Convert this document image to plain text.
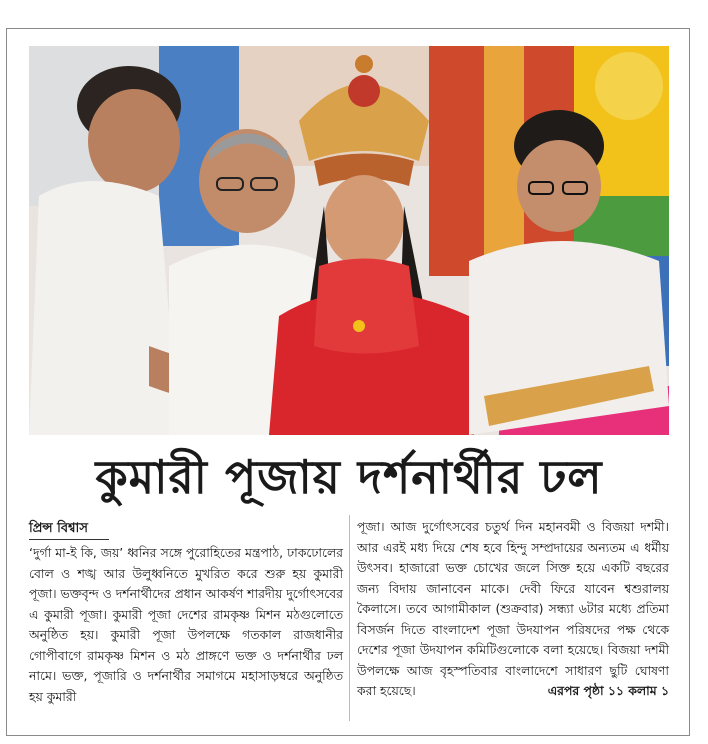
কুমারী পূজায় দর্শনার্থীর ঢল
প্রিন্স বিশ্বাস

‘দুর্গা মা-ই কি, জয়’ ধ্বনির সঙ্গে পুরোহিতের মন্ত্রপাঠ, ঢাকঢোলের বোল ও শঙ্খ আর উলুধ্বনিতে মুখরিত করে শুরু হয় কুমারী পূজা। ভক্তবৃন্দ ও দর্শনার্থীদের প্রধান আকর্ষণ শারদীয় দুর্গোৎসবের এ কুমারী পূজা। কুমারী পূজা দেশের রামকৃষ্ণ মিশন মঠগুলোতে অনুষ্ঠিত হয়। কুমারী পূজা উপলক্ষে গতকাল রাজধানীর গোপীবাগে রামকৃষ্ণ মিশন ও মঠ প্রাঙ্গণে ভক্ত ও দর্শনার্থীর ঢল নামে। ভক্ত, পূজারি ও দর্শনার্থীর সমাগমে মহাসাড়ম্বরে অনুষ্ঠিত হয় কুমারী

পূজা। আজ দুর্গোৎসবের চতুর্থ দিন মহানবমী ও বিজয়া দশমী। আর এরই মধ্য দিয়ে শেষ হবে হিন্দু সম্প্রদায়ের অন্যতম এ ধর্মীয় উৎসব। হাজারো ভক্ত চোখের জলে সিক্ত হয়ে একটি বছরের জন্য বিদায় জানাবেন মাকে। দেবী ফিরে যাবেন শ্বশুরালয় কৈলাসে। তবে আগামীকাল (শুক্রবার) সন্ধ্যা ৬টার মধ্যে প্রতিমা বিসর্জন দিতে বাংলাদেশ পূজা উদযাপন পরিষদের পক্ষ থেকে দেশের পূজা উদযাপন কমিটিগুলোকে বলা হয়েছে। বিজয়া দশমী উপলক্ষে আজ বৃহস্পতিবার বাংলাদেশে সাধারণ ছুটি ঘোষণা করা হয়েছে।	এরপর পৃষ্ঠা ১১ কলাম ১
